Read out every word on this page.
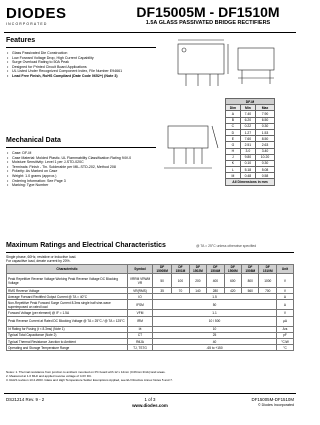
DIODES
INCORPORATED
DF15005M - DF1510M
1.5A GLASS PASSIVATED BRIDGE RECTIFIERS
Features
• Glass Passivated Die Construction
• Low Forward Voltage Drop, High Current Capability
• Surge Overload Rating to 50A Peak
• Designed for Printed Circuit Board Applications
• UL Listed Under Recognized Component Index, File Number E94661
• Lead Free Finish, RoHS Compliant (Date Code 0652+) (Note 3)
DF-M		
Dim	Min	Max
A	7.40	7.90
B	6.20	6.50
C	0.22	0.30
D	1.27	1.53
E	7.60	8.50
G	2.51	2.63
H	3.0	3.40
J	9.80	10.20
K	0.10	0.30
L	5.18	5.08
M	0.48	0.58
All Dimensions in mm		
Mechanical Data
• Case: DF-M
• Case Material: Molded Plastic. UL Flammability Classification Rating 94V-0
• Moisture Sensitivity: Level 1 per J-STD-020C
• Terminals: Finish - Tin. Solderable per MIL-STD-202, Method 208
• Polarity: As Marked on Case
• Weight: 1.0 grams (approx.)
• Ordering Information: See Page 3
• Marking: Type Number
Maximum Ratings and Electrical Characteristics	@ TA = 25°C unless otherwise specified
Single phase, 60Hz, resistive or inductive load.
For capacitive load, derate current by 20%.
Characteristic	Symbol	DF 15005M	DF 1501M	DF 1502M	DF 1504M	DF 1506M	DF 1508M	DF 1510M	Unit
Peak Repetitive Reverse Voltage Working Peak Reverse Voltage DC Blocking Voltage	VRRM VRWM VR	50	100	200	400	600	800	1000	V
RMS Reverse Voltage	VR(RMS)	35	70	140	280	420	560	700	V
Average Forward Rectified Output Current @ TA = 40°C	IO	1.5							A
Non-Repetitive Peak Forward Surge Current 8.3ms single half sine-wave superimposed on rated load	IFSM	50							A
Forward Voltage (per element) @ IF = 1.5A	VFM	1.1							V
Peak Reverse Current at Rated DC Blocking Voltage @ TA = 25°C / @ TA = 125°C	IRM	10 / 500							µA
I²t Rating for Fusing (t < 8.3ms) (Note 1)	I²t	10							A²s
Typical Total Capacitance (Note 2)	CT	25							pF
Typical Thermal Resistance Junction to Ambient	RθJA	40							°C/W
Operating and Storage Temperature Range	TJ, TSTG	-65 to +150							°C
Notes: 1. Thermal resistance from junction to ambient mounted on PC board with 12 x 12mm (0.06mm thick) land areas.
2. Measured at 1.0 MHz and applied reverse voltage of 4.0V DC.
3. RoHS revision 13.2.2003. Glass and High Temperature Solder Exemptions Applied, see EU Directive Annex Notes 5 and 7.
DS21214 Rev. 9 - 2	1 of 3
www.diodes.com
DF15005M-DF1510M
© Diodes Incorporated
